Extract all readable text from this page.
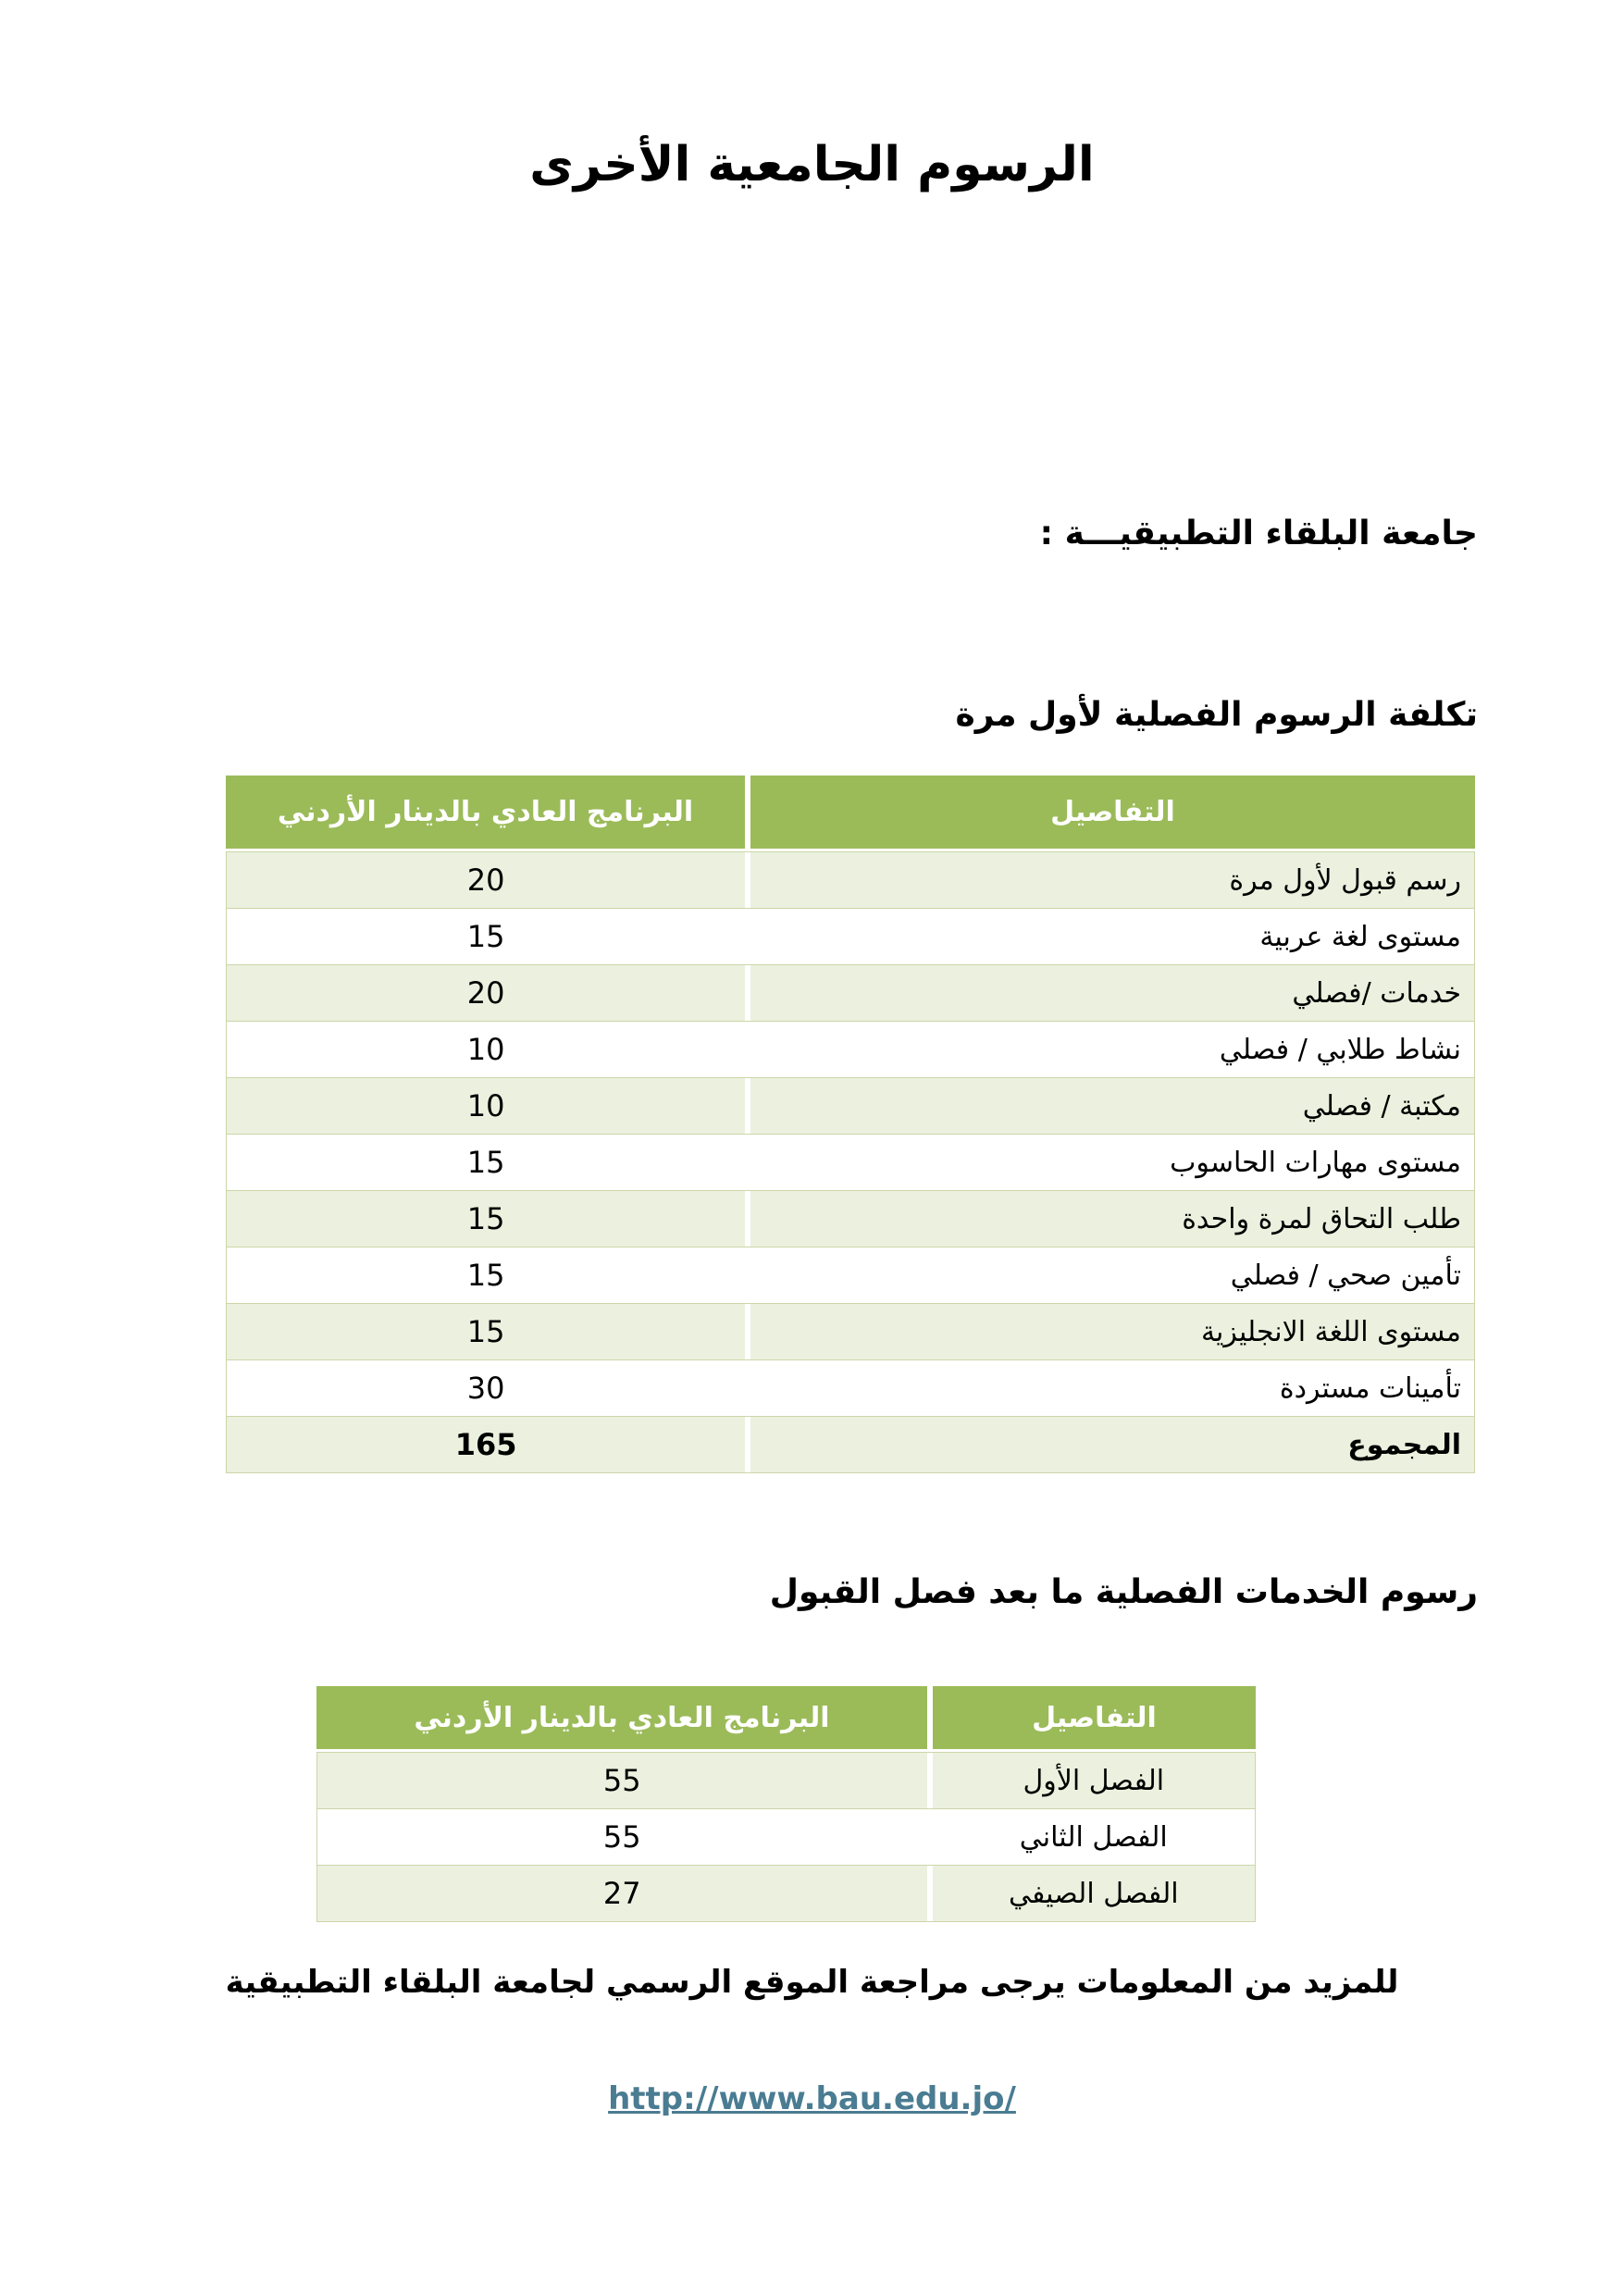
الرسوم الجامعية الأخرى
جامعة البلقاء التطبيقيـــة :
تكلفة الرسوم الفصلية لأول مرة
التفاصيل
البرنامج العادي بالدينار الأردني
رسم قبول لأول مرة
20
مستوى لغة عربية
15
خدمات /فصلي
20
نشاط طلابي / فصلي
10
مكتبة / فصلي
10
مستوى مهارات الحاسوب
15
طلب التحاق لمرة واحدة
15
تأمين صحي / فصلي
15
مستوى اللغة الانجليزية
15
تأمينات مستردة
30
المجموع
165
رسوم الخدمات الفصلية ما بعد فصل القبول
التفاصيل
البرنامج العادي بالدينار الأردني
الفصل الأول
55
الفصل الثاني
55
الفصل الصيفي
27
للمزيد من المعلومات يرجى مراجعة الموقع الرسمي لجامعة البلقاء التطبيقية
http://www.bau.edu.jo/
